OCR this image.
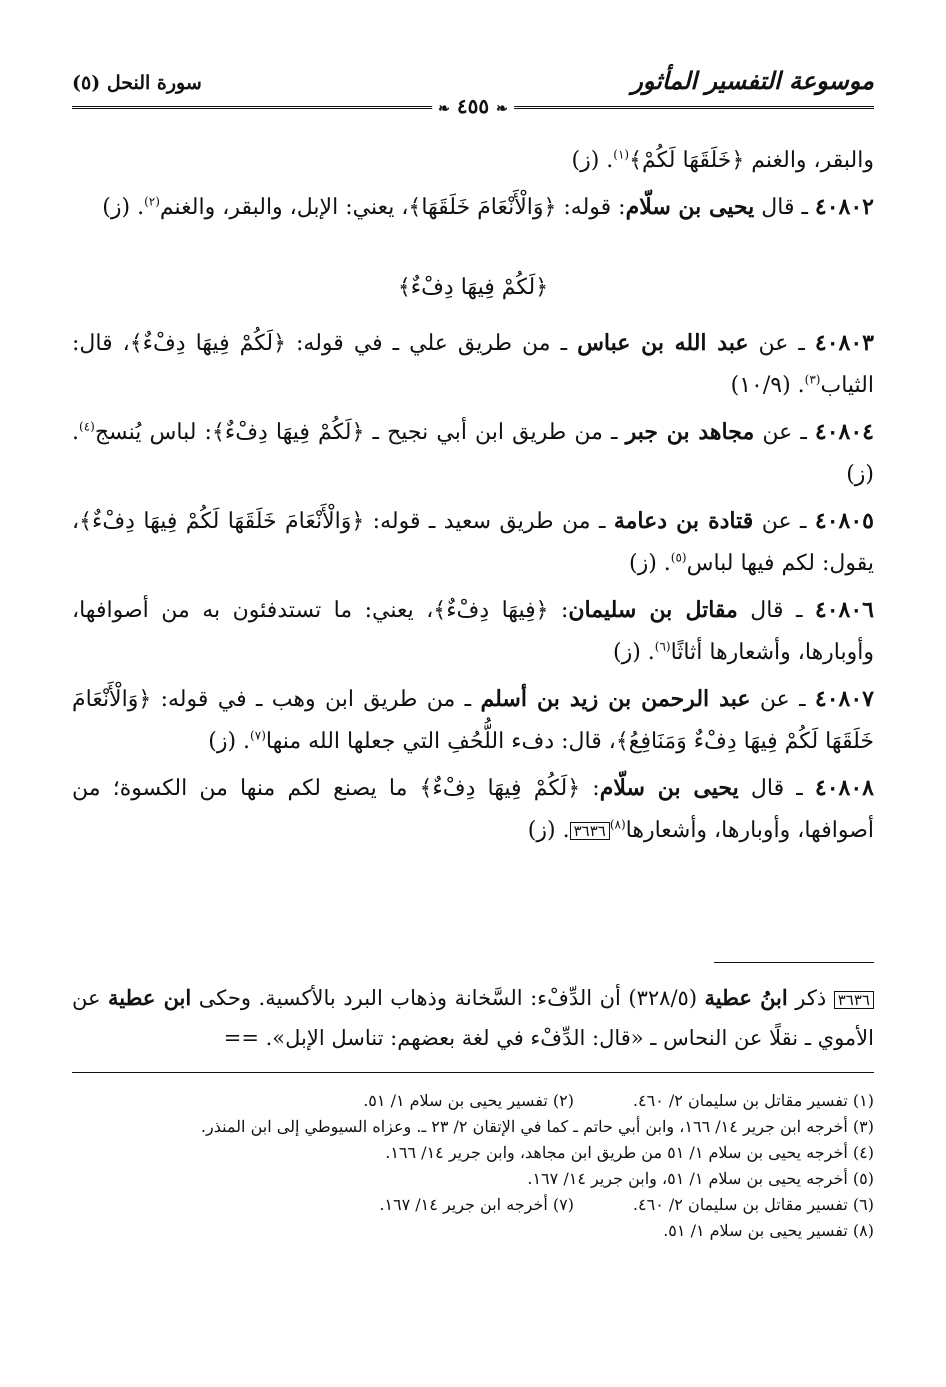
موسوعة التفسير المأثور
سورة النحل (٥)
❧ ٤٥٥ ❧

والبقر، والغنم ﴿خَلَقَهَا لَكُمْ﴾$^{(١)}$. (ز)

٤٠٨٠٢ ـ قال يحيى بن سلّام: قوله: ﴿وَالْأَنْعَامَ خَلَقَهَا﴾، يعني: الإبل، والبقر، والغنم$^{(٢)}$. (ز)

﴿لَكُمْ فِيهَا دِفْءٌ﴾

٤٠٨٠٣ ـ عن عبد الله بن عباس ـ من طريق علي ـ في قوله: ﴿لَكُمْ فِيهَا دِفْءٌ﴾، قال: الثياب$^{(٣)}$. (١٠/٩)

٤٠٨٠٤ ـ عن مجاهد بن جبر ـ من طريق ابن أبي نجيح ـ ﴿لَكُمْ فِيهَا دِفْءٌ﴾: لباس يُنسج$^{(٤)}$. (ز)

٤٠٨٠٥ ـ عن قتادة بن دعامة ـ من طريق سعيد ـ قوله: ﴿وَالْأَنْعَامَ خَلَقَهَا لَكُمْ فِيهَا دِفْءٌ﴾، يقول: لكم فيها لباس$^{(٥)}$. (ز)

٤٠٨٠٦ ـ قال مقاتل بن سليمان: ﴿فِيهَا دِفْءٌ﴾، يعني: ما تستدفئون به من أصوافها، وأوبارها، وأشعارها أثاثًا$^{(٦)}$. (ز)

٤٠٨٠٧ ـ عن عبد الرحمن بن زيد بن أسلم ـ من طريق ابن وهب ـ في قوله: ﴿وَالْأَنْعَامَ خَلَقَهَا لَكُمْ فِيهَا دِفْءٌ وَمَنَافِعُ﴾، قال: دفء اللُّحُفِ التي جعلها الله منها$^{(٧)}$. (ز)

٤٠٨٠٨ ـ قال يحيى بن سلّام: ﴿لَكُمْ فِيهَا دِفْءٌ﴾ ما يصنع لكم منها من الكسوة؛ من أصوافها، وأوبارها، وأشعارها$^{(٨)}$٣٦٣٦. (ز)

٣٦٣٦ ذكر ابنُ عطية (٣٢٨/٥) أن الدِّفْء: السَّخانة وذهاب البرد بالأكسية. وحكى ابن عطية عن الأموي ـ نقلًا عن النحاس ـ «قال: الدِّفْء في لغة بعضهم: تناسل الإبل». ==
(١) تفسير مقاتل بن سليمان ٢/ ٤٦٠.
(٢) تفسير يحيى بن سلام ١/ ٥١.
(٣) أخرجه ابن جرير ١٤/ ١٦٦، وابن أبي حاتم ـ كما في الإتقان ٢/ ٢٣ ـ. وعزاه السيوطي إلى ابن المنذر.
(٤) أخرجه يحيى بن سلام ١/ ٥١ من طريق ابن مجاهد، وابن جرير ١٤/ ١٦٦.
(٥) أخرجه يحيى بن سلام ١/ ٥١، وابن جرير ١٤/ ١٦٧.
(٦) تفسير مقاتل بن سليمان ٢/ ٤٦٠.
(٧) أخرجه ابن جرير ١٤/ ١٦٧.
(٨) تفسير يحيى بن سلام ١/ ٥١.
